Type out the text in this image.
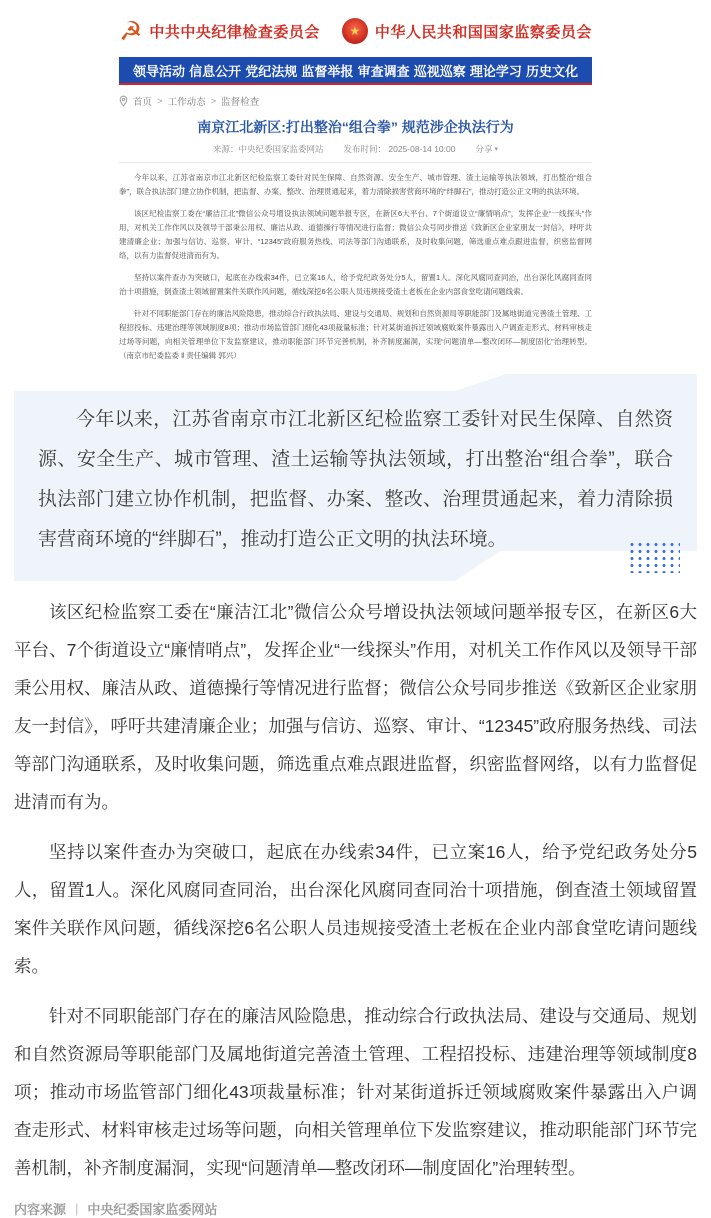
☭ 中共中央纪律检查委员会 ★ 中华人民共和国国家监察委员会
领导活动 信息公开 党纪法规 监督举报 审查调查 巡视巡察 理论学习 历史文化
首页 > 工作动态 > 监督检查
南京江北新区:打出整治“组合拳” 规范涉企执法行为
来源：中央纪委国家监委网站 发布时间： 2025-08-14 10:00 分享 ▾

今年以来，江苏省南京市江北新区纪检监察工委针对民生保障、自然资源、安全生产、城市管理、渣土运输等执法领域，打出整治“组合拳”，联合执法部门建立协作机制，把监督、办案、整改、治理贯通起来，着力清除损害营商环境的“绊脚石”，推动打造公正文明的执法环境。

该区纪检监察工委在“廉洁江北”微信公众号增设执法领域问题举报专区，在新区6大平台、7个街道设立“廉情哨点”，发挥企业“一线探头”作用，对机关工作作风以及领导干部秉公用权、廉洁从政、道德操行等情况进行监督；微信公众号同步推送《致新区企业家朋友一封信》，呼吁共建清廉企业；加强与信访、巡察、审计、“12345”政府服务热线、司法等部门沟通联系，及时收集问题，筛选重点难点跟进监督，织密监督网络，以有力监督促进清而有为。

坚持以案件查办为突破口，起底在办线索34件，已立案16人，给予党纪政务处分5人，留置1人。深化风腐同查同治，出台深化风腐同查同治十项措施，倒查渣土领域留置案件关联作风问题，循线深挖6名公职人员违规接受渣土老板在企业内部食堂吃请问题线索。

针对不同职能部门存在的廉洁风险隐患，推动综合行政执法局、建设与交通局、规划和自然资源局等职能部门及属地街道完善渣土管理、工程招投标、违建治理等领域制度8项；推动市场监管部门细化43项裁量标准；针对某街道拆迁领域腐败案件暴露出入户调查走形式、材料审核走过场等问题，向相关管理单位下发监察建议，推动职能部门环节完善机制，补齐制度漏洞，实现“问题清单—整改闭环—制度固化”治理转型。（南京市纪委监委 ‖ 责任编辑 郭兴）

今年以来，江苏省南京市江北新区纪检监察工委针对民生保障、自然资源、安全生产、城市管理、渣土运输等执法领域，打出整治“组合拳”，联合执法部门建立协作机制，把监督、办案、整改、治理贯通起来，着力清除损害营商环境的“绊脚石”，推动打造公正文明的执法环境。

该区纪检监察工委在“廉洁江北”微信公众号增设执法领域问题举报专区，在新区6大平台、7个街道设立“廉情哨点”，发挥企业“一线探头”作用，对机关工作作风以及领导干部秉公用权、廉洁从政、道德操行等情况进行监督；微信公众号同步推送《致新区企业家朋友一封信》，呼吁共建清廉企业；加强与信访、巡察、审计、“12345”政府服务热线、司法等部门沟通联系，及时收集问题，筛选重点难点跟进监督，织密监督网络，以有力监督促进清而有为。

坚持以案件查办为突破口，起底在办线索34件，已立案16人，给予党纪政务处分5人，留置1人。深化风腐同查同治，出台深化风腐同查同治十项措施，倒查渣土领域留置案件关联作风问题，循线深挖6名公职人员违规接受渣土老板在企业内部食堂吃请问题线索。

针对不同职能部门存在的廉洁风险隐患，推动综合行政执法局、建设与交通局、规划和自然资源局等职能部门及属地街道完善渣土管理、工程招投标、违建治理等领域制度8项；推动市场监管部门细化43项裁量标准；针对某街道拆迁领域腐败案件暴露出入户调查走形式、材料审核走过场等问题，向相关管理单位下发监察建议，推动职能部门环节完善机制，补齐制度漏洞，实现“问题清单—整改闭环—制度固化”治理转型。

内容来源 | 中央纪委国家监委网站
